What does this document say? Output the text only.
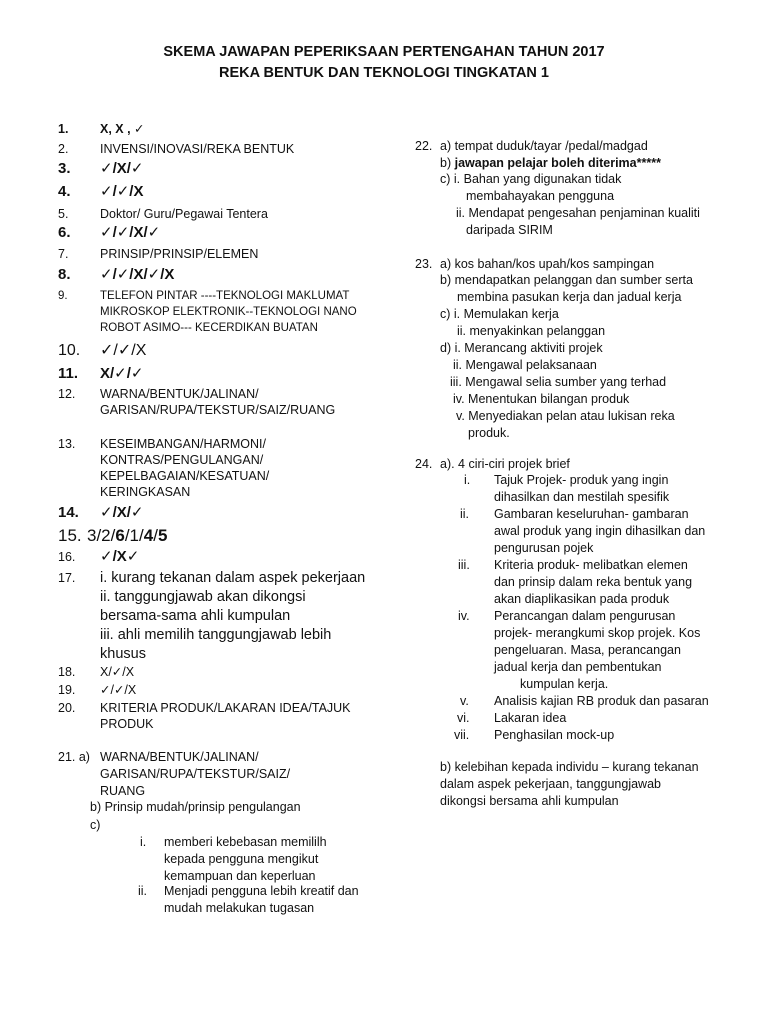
SKEMA JAWAPAN PEPERIKSAAN PERTENGAHAN TAHUN 2017
REKA BENTUK DAN TEKNOLOGI TINGKATAN 1
1.	X, X , ✓
2.	INVENSI/INOVASI/REKA BENTUK
3. ✓/X/✓
4. ✓/✓/X
5.	Doktor/ Guru/Pegawai Tentera
6. ✓/✓/X/✓
7.	PRINSIP/PRINSIP/ELEMEN
8. ✓/✓/X/✓/X
9.	TELEFON PINTAR ----TEKNOLOGI MAKLUMAT
MIKROSKOP ELEKTRONIK--TEKNOLOGI NANO
ROBOT ASIMO--- KECERDIKAN BUATAN
10. ✓/✓/X
11. X/✓/✓
12. WARNA/BENTUK/JALINAN/
GARISAN/RUPA/TEKSTUR/SAIZ/RUANG
13. KESEIMBANGAN/HARMONI/
KONTRAS/PENGULANGAN/
KEPELBAGAIAN/KESATUAN/
KERINGKASAN
14. ✓/X/✓
15. 3/2/6/1/4/5
16. ✓/X✓
17. i. kurang tekanan dalam aspek pekerjaan
ii. tanggungjawab akan dikongsi
bersama-sama ahli kumpulan
iii. ahli memilih tanggungjawab lebih
khusus
18. X/✓/X
19. ✓/✓/X
20. KRITERIA PRODUK/LAKARAN IDEA/TAJUK
PRODUK
21. a) WARNA/BENTUK/JALINAN/
GARISAN/RUPA/TEKSTUR/SAIZ/
RUANG
b) Prinsip mudah/prinsip pengulangan
c)
i. memberi kebebasan memililh
kepada pengguna mengikut
kemampuan dan keperluan
ii. Menjadi pengguna lebih kreatif dan
mudah melakukan tugasan
22. a) tempat duduk/tayar /pedal/madgad
b) jawapan pelajar boleh diterima*****
c) i. Bahan yang digunakan tidak
membahayakan pengguna
ii. Mendapat pengesahan penjaminan kualiti
daripada SIRIM
23. a) kos bahan/kos upah/kos sampingan
b) mendapatkan pelanggan dan sumber serta
membina pasukan kerja dan jadual kerja
c) i. Memulakan kerja
ii. menyakinkan pelanggan
d) i. Merancang aktiviti projek
ii. Mengawal pelaksanaan
iii. Mengawal selia sumber yang terhad
iv. Menentukan bilangan produk
v. Menyediakan pelan atau lukisan reka
produk.
24. a). 4 ciri-ciri projek brief
i. Tajuk Projek- produk yang ingin
dihasilkan dan mestilah spesifik
ii. Gambaran keseluruhan- gambaran
awal produk yang ingin dihasilkan dan
pengurusan pojek
iii. Kriteria produk- melibatkan elemen
dan prinsip dalam reka bentuk yang
akan diaplikasikan pada produk
iv. Perancangan dalam pengurusan
projek- merangkumi skop projek. Kos
pengeluaran. Masa, perancangan
jadual kerja dan pembentukan
kumpulan kerja.
v. Analisis kajian RB produk dan pasaran
vi. Lakaran idea
vii. Penghasilan mock-up
b) kelebihan kepada individu – kurang tekanan
dalam aspek pekerjaan, tanggungjawab
dikongsi bersama ahli kumpulan
